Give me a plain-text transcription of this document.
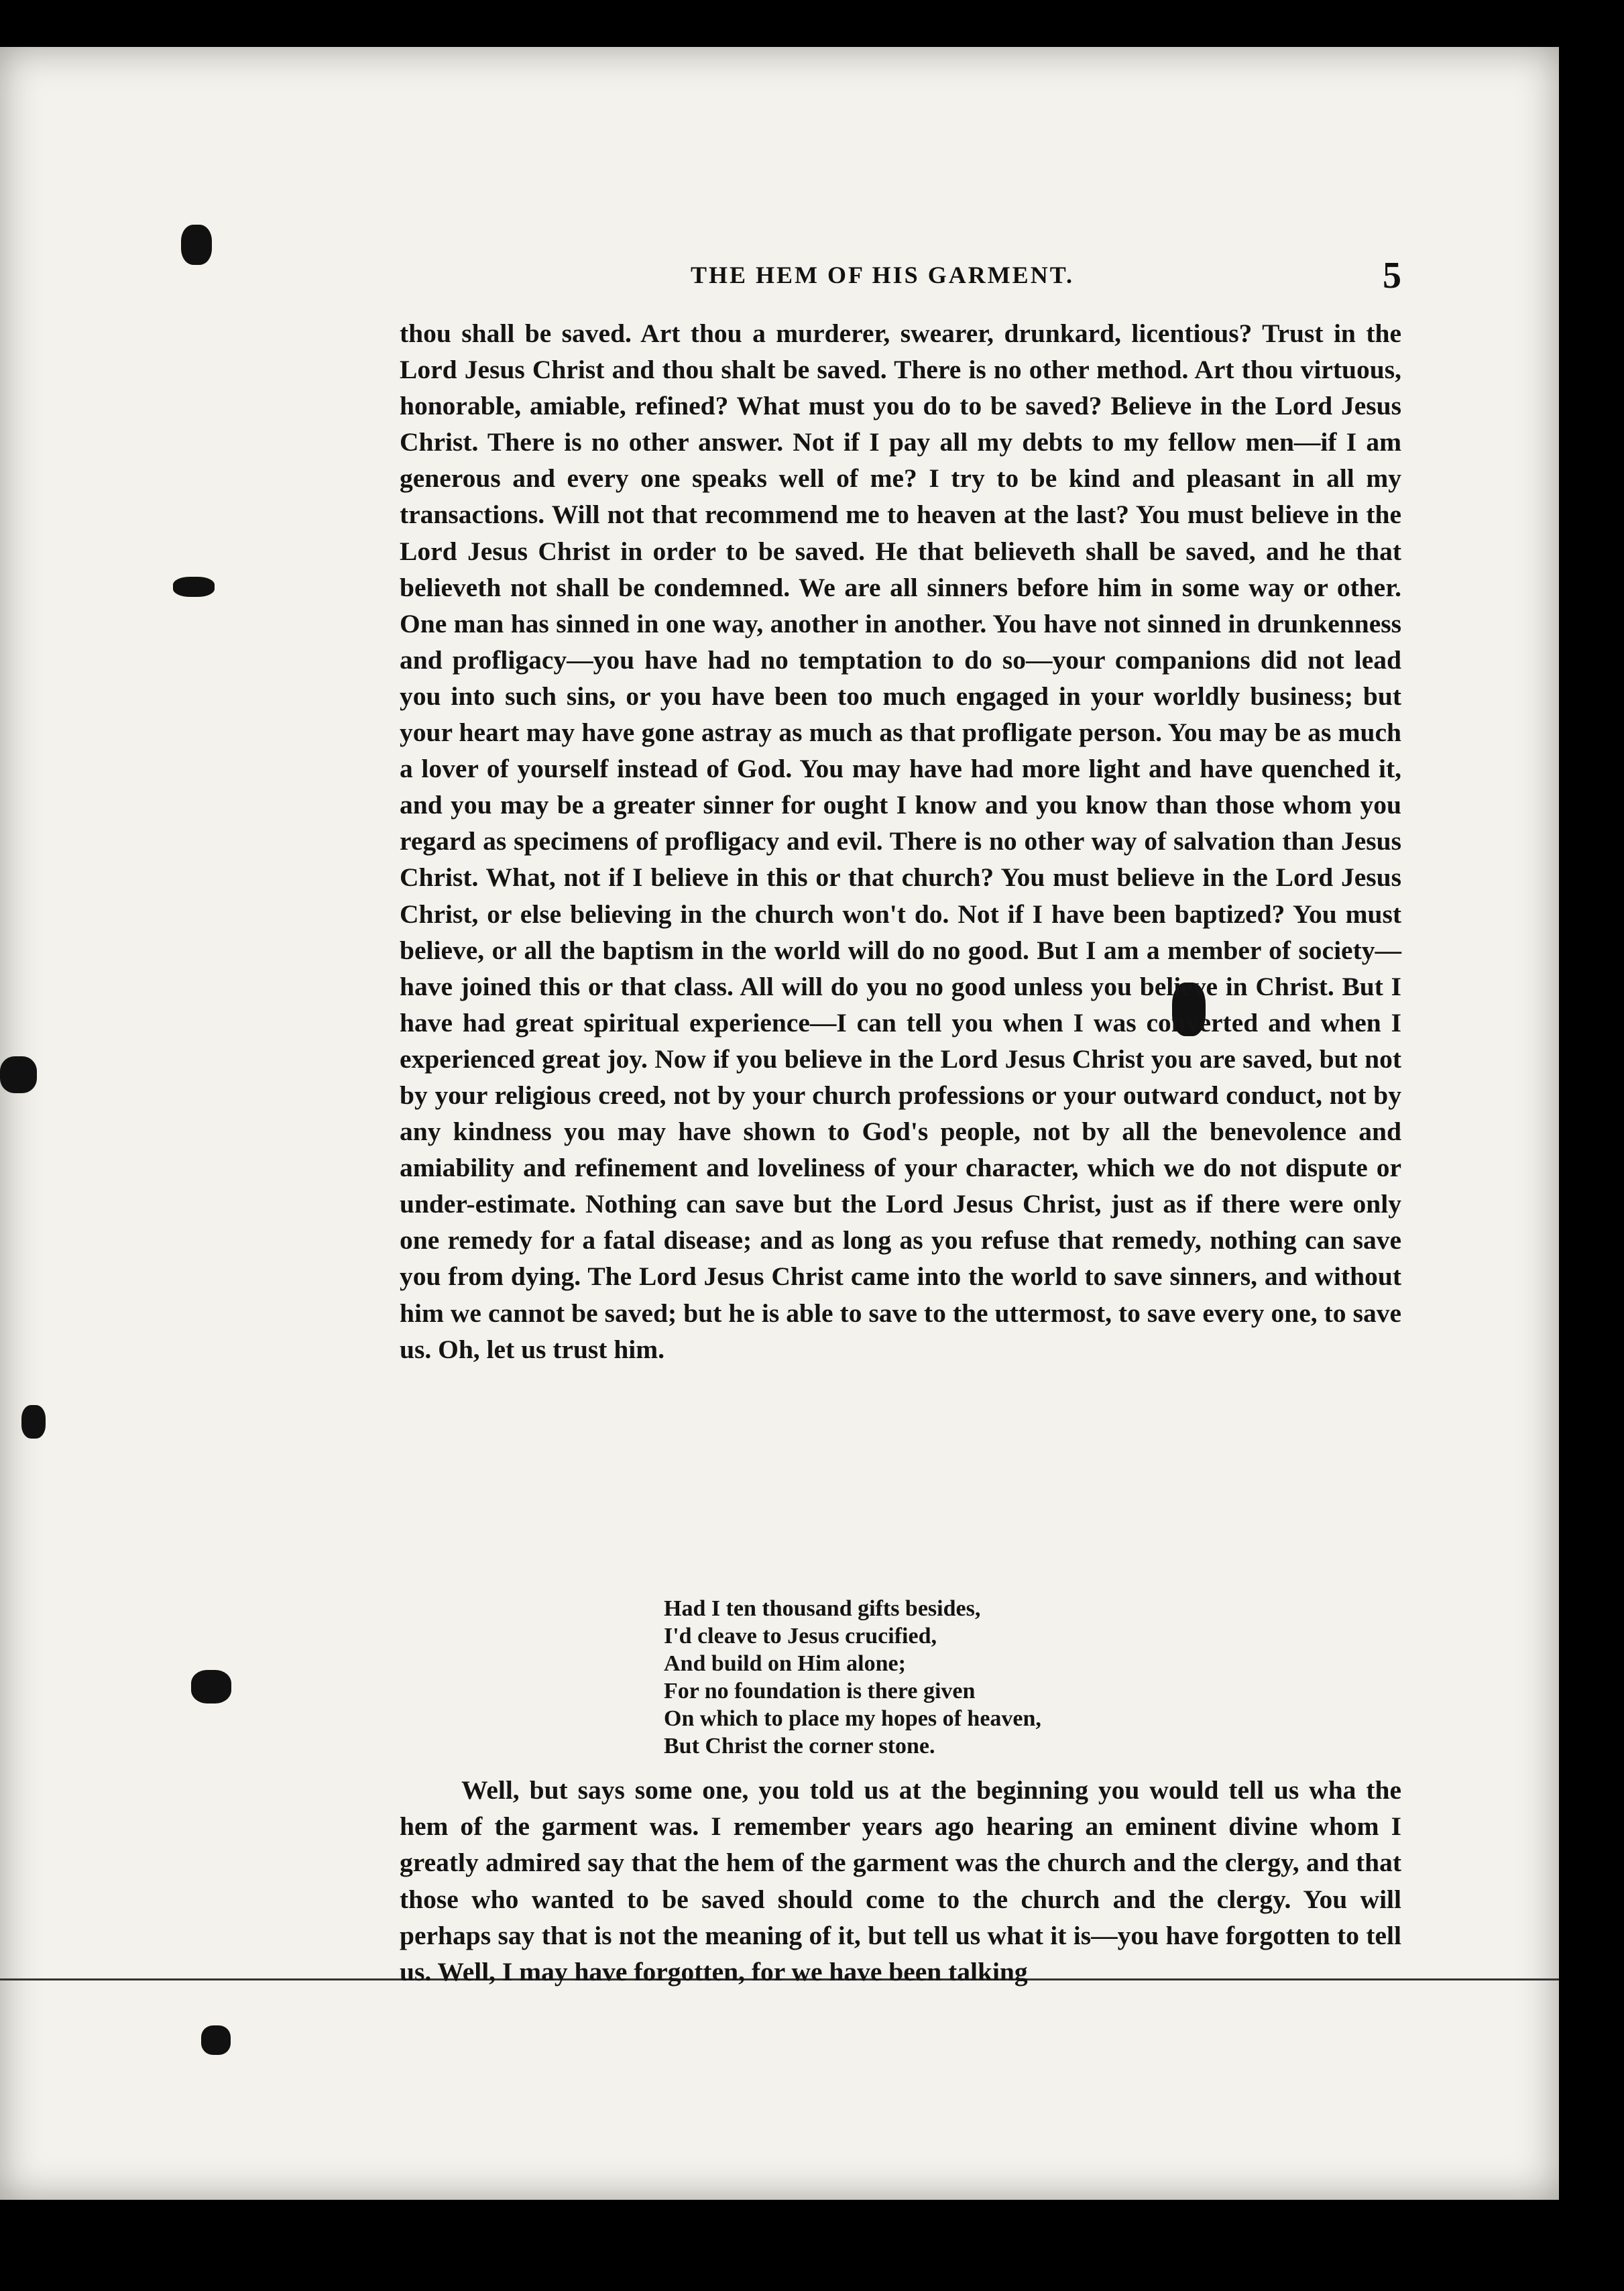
THE HEM OF HIS GARMENT.	5

thou shall be saved. Art thou a murderer, swearer, drunkard, licentious? Trust in the Lord Jesus Christ and thou shalt be saved. There is no other method. Art thou virtuous, honorable, amiable, refined? What must you do to be saved? Believe in the Lord Jesus Christ. There is no other answer. Not if I pay all my debts to my fellow men—if I am generous and every one speaks well of me? I try to be kind and pleasant in all my transactions. Will not that recommend me to heaven at the last? You must believe in the Lord Jesus Christ in order to be saved. He that believeth shall be saved, and he that believeth not shall be condemned. We are all sinners before him in some way or other. One man has sinned in one way, another in another. You have not sinned in drunkenness and profligacy—you have had no temptation to do so—your companions did not lead you into such sins, or you have been too much engaged in your worldly business; but your heart may have gone astray as much as that profligate person. You may be as much a lover of yourself instead of God. You may have had more light and have quenched it, and you may be a greater sinner for ought I know and you know than those whom you regard as specimens of profligacy and evil. There is no other way of salvation than Jesus Christ. What, not if I believe in this or that church? You must believe in the Lord Jesus Christ, or else believing in the church won't do. Not if I have been baptized? You must believe, or all the baptism in the world will do no good. But I am a member of society—have joined this or that class. All will do you no good unless you believe in Christ. But I have had great spiritual experience—I can tell you when I was converted and when I experienced great joy. Now if you believe in the Lord Jesus Christ you are saved, but not by your religious creed, not by your church professions or your outward conduct, not by any kindness you may have shown to God's people, not by all the benevolence and amiability and refinement and loveliness of your character, which we do not dispute or under-estimate. Nothing can save but the Lord Jesus Christ, just as if there were only one remedy for a fatal disease; and as long as you refuse that remedy, nothing can save you from dying. The Lord Jesus Christ came into the world to save sinners, and without him we cannot be saved; but he is able to save to the uttermost, to save every one, to save us. Oh, let us trust him.

Had I ten thousand gifts besides,
I'd cleave to Jesus crucified,
And build on Him alone;
For no foundation is there given
On which to place my hopes of heaven,
But Christ the corner stone.
Well, but says some one, you told us at the beginning you would tell us wha the hem of the garment was. I remember years ago hearing an eminent divine whom I greatly admired say that the hem of the garment was the church and the clergy, and that those who wanted to be saved should come to the church and the clergy. You will perhaps say that is not the meaning of it, but tell us what it is—you have forgotten to tell us. Well, I may have forgotten, for we have been talking
